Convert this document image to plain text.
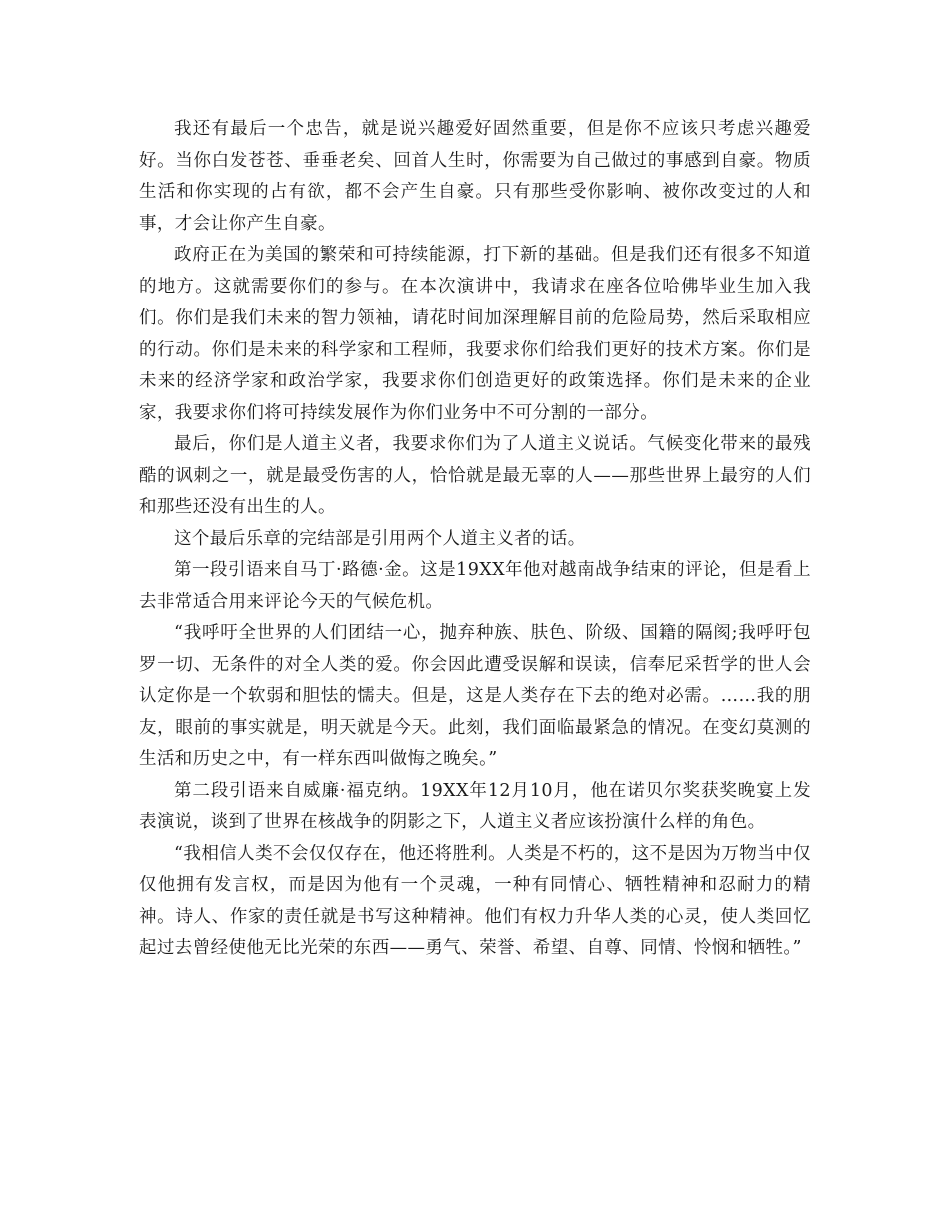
我还有最后一个忠告，就是说兴趣爱好固然重要，但是你不应该只考虑兴趣爱好。当你白发苍苍、垂垂老矣、回首人生时，你需要为自己做过的事感到自豪。物质生活和你实现的占有欲，都不会产生自豪。只有那些受你影响、被你改变过的人和事，才会让你产生自豪。

政府正在为美国的繁荣和可持续能源，打下新的基础。但是我们还有很多不知道的地方。这就需要你们的参与。在本次演讲中，我请求在座各位哈佛毕业生加入我们。你们是我们未来的智力领袖，请花时间加深理解目前的危险局势，然后采取相应的行动。你们是未来的科学家和工程师，我要求你们给我们更好的技术方案。你们是未来的经济学家和政治学家，我要求你们创造更好的政策选择。你们是未来的企业家，我要求你们将可持续发展作为你们业务中不可分割的一部分。

最后，你们是人道主义者，我要求你们为了人道主义说话。气候变化带来的最残酷的讽刺之一，就是最受伤害的人，恰恰就是最无辜的人——那些世界上最穷的人们和那些还没有出生的人。

这个最后乐章的完结部是引用两个人道主义者的话。

第一段引语来自马丁·路德·金。这是19XX年他对越南战争结束的评论，但是看上去非常适合用来评论今天的气候危机。

“我呼吁全世界的人们团结一心，抛弃种族、肤色、阶级、国籍的隔阂;我呼吁包罗一切、无条件的对全人类的爱。你会因此遭受误解和误读，信奉尼采哲学的世人会认定你是一个软弱和胆怯的懦夫。但是，这是人类存在下去的绝对必需。……我的朋友，眼前的事实就是，明天就是今天。此刻，我们面临最紧急的情况。在变幻莫测的生活和历史之中，有一样东西叫做悔之晚矣。”

第二段引语来自威廉·福克纳。19XX年12月10月，他在诺贝尔奖获奖晚宴上发表演说，谈到了世界在核战争的阴影之下，人道主义者应该扮演什么样的角色。

“我相信人类不会仅仅存在，他还将胜利。人类是不朽的，这不是因为万物当中仅仅他拥有发言权，而是因为他有一个灵魂，一种有同情心、牺牲精神和忍耐力的精神。诗人、作家的责任就是书写这种精神。他们有权力升华人类的心灵，使人类回忆起过去曾经使他无比光荣的东西——勇气、荣誉、希望、自尊、同情、怜悯和牺牲。”
